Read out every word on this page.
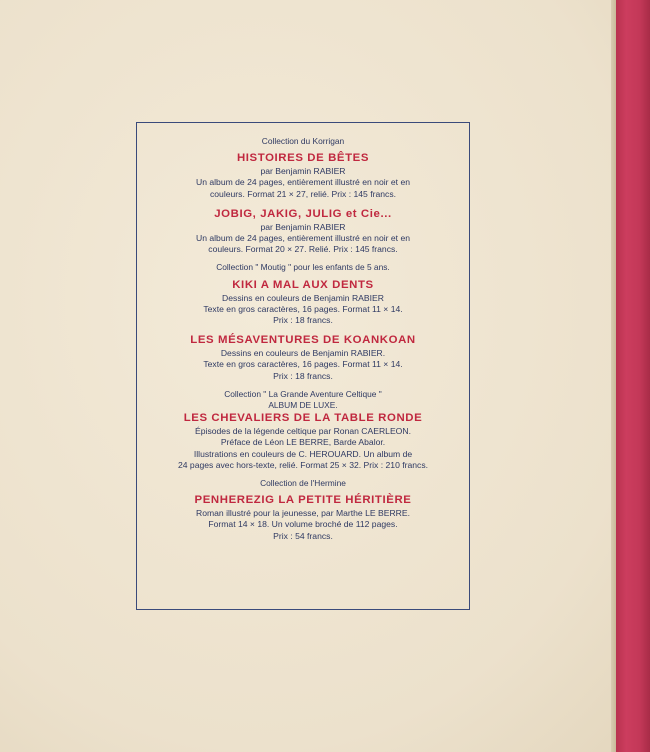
Collection du Korrigan
HISTOIRES DE BÊTES
par Benjamin RABIER
Un album de 24 pages, entièrement illustré en noir et en
couleurs. Format 21 × 27, relié. Prix : 145 francs.
JOBIG, JAKIG, JULIG et Cie...
par Benjamin RABIER
Un album de 24 pages, entièrement illustré en noir et en
couleurs. Format 20 × 27. Relié. Prix : 145 francs.
Collection " Moutig " pour les enfants de 5 ans.
KIKI A MAL AUX DENTS
Dessins en couleurs de Benjamin RABIER
Texte en gros caractères, 16 pages. Format 11 × 14.
Prix : 18 francs.
LES MÉSAVENTURES DE KOANKOAN
Dessins en couleurs de Benjamin RABIER.
Texte en gros caractères, 16 pages. Format 11 × 14.
Prix : 18 francs.
Collection " La Grande Aventure Celtique "
ALBUM DE LUXE.
LES CHEVALIERS DE LA TABLE RONDE
Épisodes de la légende celtique par Ronan CAERLEON.
Préface de Léon LE BERRE, Barde Abalor.
Illustrations en couleurs de C. HEROUARD. Un album de
24 pages avec hors-texte, relié. Format 25 × 32. Prix : 210 francs.
Collection de l'Hermine
PENHEREZIG LA PETITE HÉRITIÈRE
Roman illustré pour la jeunesse, par Marthe LE BERRE.
Format 14 × 18. Un volume broché de 112 pages.
Prix : 54 francs.
